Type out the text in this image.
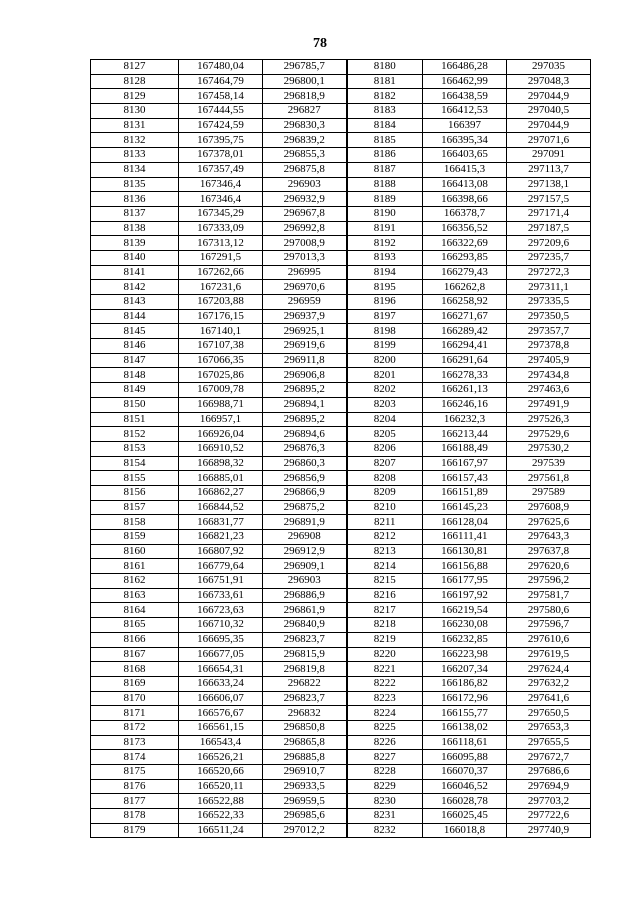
78
8127	167480,04	296785,7	8180	166486,28	297035
8128	167464,79	296800,1	8181	166462,99	297048,3
8129	167458,14	296818,9	8182	166438,59	297044,9
8130	167444,55	296827	8183	166412,53	297040,5
8131	167424,59	296830,3	8184	166397	297044,9
8132	167395,75	296839,2	8185	166395,34	297071,6
8133	167378,01	296855,3	8186	166403,65	297091
8134	167357,49	296875,8	8187	166415,3	297113,7
8135	167346,4	296903	8188	166413,08	297138,1
8136	167346,4	296932,9	8189	166398,66	297157,5
8137	167345,29	296967,8	8190	166378,7	297171,4
8138	167333,09	296992,8	8191	166356,52	297187,5
8139	167313,12	297008,9	8192	166322,69	297209,6
8140	167291,5	297013,3	8193	166293,85	297235,7
8141	167262,66	296995	8194	166279,43	297272,3
8142	167231,6	296970,6	8195	166262,8	297311,1
8143	167203,88	296959	8196	166258,92	297335,5
8144	167176,15	296937,9	8197	166271,67	297350,5
8145	167140,1	296925,1	8198	166289,42	297357,7
8146	167107,38	296919,6	8199	166294,41	297378,8
8147	167066,35	296911,8	8200	166291,64	297405,9
8148	167025,86	296906,8	8201	166278,33	297434,8
8149	167009,78	296895,2	8202	166261,13	297463,6
8150	166988,71	296894,1	8203	166246,16	297491,9
8151	166957,1	296895,2	8204	166232,3	297526,3
8152	166926,04	296894,6	8205	166213,44	297529,6
8153	166910,52	296876,3	8206	166188,49	297530,2
8154	166898,32	296860,3	8207	166167,97	297539
8155	166885,01	296856,9	8208	166157,43	297561,8
8156	166862,27	296866,9	8209	166151,89	297589
8157	166844,52	296875,2	8210	166145,23	297608,9
8158	166831,77	296891,9	8211	166128,04	297625,6
8159	166821,23	296908	8212	166111,41	297643,3
8160	166807,92	296912,9	8213	166130,81	297637,8
8161	166779,64	296909,1	8214	166156,88	297620,6
8162	166751,91	296903	8215	166177,95	297596,2
8163	166733,61	296886,9	8216	166197,92	297581,7
8164	166723,63	296861,9	8217	166219,54	297580,6
8165	166710,32	296840,9	8218	166230,08	297596,7
8166	166695,35	296823,7	8219	166232,85	297610,6
8167	166677,05	296815,9	8220	166223,98	297619,5
8168	166654,31	296819,8	8221	166207,34	297624,4
8169	166633,24	296822	8222	166186,82	297632,2
8170	166606,07	296823,7	8223	166172,96	297641,6
8171	166576,67	296832	8224	166155,77	297650,5
8172	166561,15	296850,8	8225	166138,02	297653,3
8173	166543,4	296865,8	8226	166118,61	297655,5
8174	166526,21	296885,8	8227	166095,88	297672,7
8175	166520,66	296910,7	8228	166070,37	297686,6
8176	166520,11	296933,5	8229	166046,52	297694,9
8177	166522,88	296959,5	8230	166028,78	297703,2
8178	166522,33	296985,6	8231	166025,45	297722,6
8179	166511,24	297012,2	8232	166018,8	297740,9
